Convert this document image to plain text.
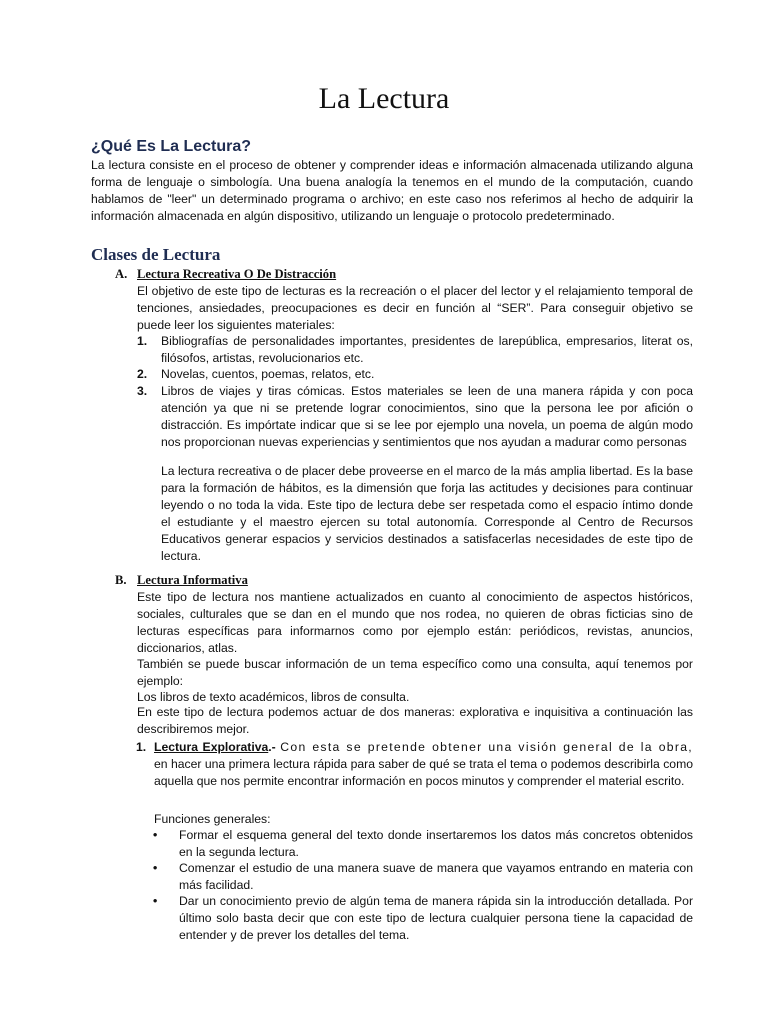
La Lectura
¿Qué Es La Lectura?
La lectura consiste en el proceso de obtener y comprender ideas e información almacenada utilizando alguna forma de lenguaje o simbología. Una buena analogía la tenemos en el mundo de la computación, cuando hablamos de "leer" un determinado programa o archivo; en este caso nos referimos al hecho de adquirir la información almacenada en algún dispositivo, utilizando un lenguaje o protocolo predeterminado.
Clases de Lectura
A. Lectura Recreativa O De Distracción
El objetivo de este tipo de lecturas es la recreación o el placer del lector y el relajamiento temporal de tenciones, ansiedades, preocupaciones es decir en función al “SER”. Para conseguir objetivo se puede leer los siguientes materiales:
1. Bibliografías de personalidades importantes, presidentes de larepública, empresarios, literat os, filósofos, artistas, revolucionarios etc.
2. Novelas, cuentos, poemas, relatos, etc.
3. Libros de viajes y tiras cómicas. Estos materiales se leen de una manera rápida y con poca atención ya que ni se pretende lograr conocimientos, sino que la persona lee por afición o distracción. Es impórtate indicar que si se lee por ejemplo una novela, un poema de algún modo nos proporcionan nuevas experiencias y sentimientos que nos ayudan a madurar como personas
La lectura recreativa o de placer debe proveerse en el marco de la más amplia libertad. Es la base para la formación de hábitos, es la dimensión que forja las actitudes y decisiones para continuar leyendo o no toda la vida. Este tipo de lectura debe ser respetada como el espacio íntimo donde el estudiante y el maestro ejercen su total autonomía. Corresponde al Centro de Recursos Educativos generar espacios y servicios destinados a satisfacerlas necesidades de este tipo de lectura.
B. Lectura Informativa
Este tipo de lectura nos mantiene actualizados en cuanto al conocimiento de aspectos históricos, sociales, culturales que se dan en el mundo que nos rodea, no quieren de obras ficticias sino de lecturas específicas para informarnos como por ejemplo están: periódicos, revistas, anuncios, diccionarios, atlas.
También se puede buscar información de un tema específico como una consulta, aquí tenemos por ejemplo:
Los libros de texto académicos, libros de consulta.
En este tipo de lectura podemos actuar de dos maneras: explorativa e inquisitiva a continuación las describiremos mejor.
1. Lectura Explorativa.- Con esta se pretende obtener una visión general de la obra, en hacer una primera lectura rápida para saber de qué se trata el tema o podemos describirla como aquella que nos permite encontrar información en pocos minutos y comprender el material escrito.
Funciones generales:
• Formar el esquema general del texto donde insertaremos los datos más concretos obtenidos en la segunda lectura.
• Comenzar el estudio de una manera suave de manera que vayamos entrando en materia con más facilidad.
• Dar un conocimiento previo de algún tema de manera rápida sin la introducción detallada. Por último solo basta decir que con este tipo de lectura cualquier persona tiene la capacidad de entender y de prever los detalles del tema.
